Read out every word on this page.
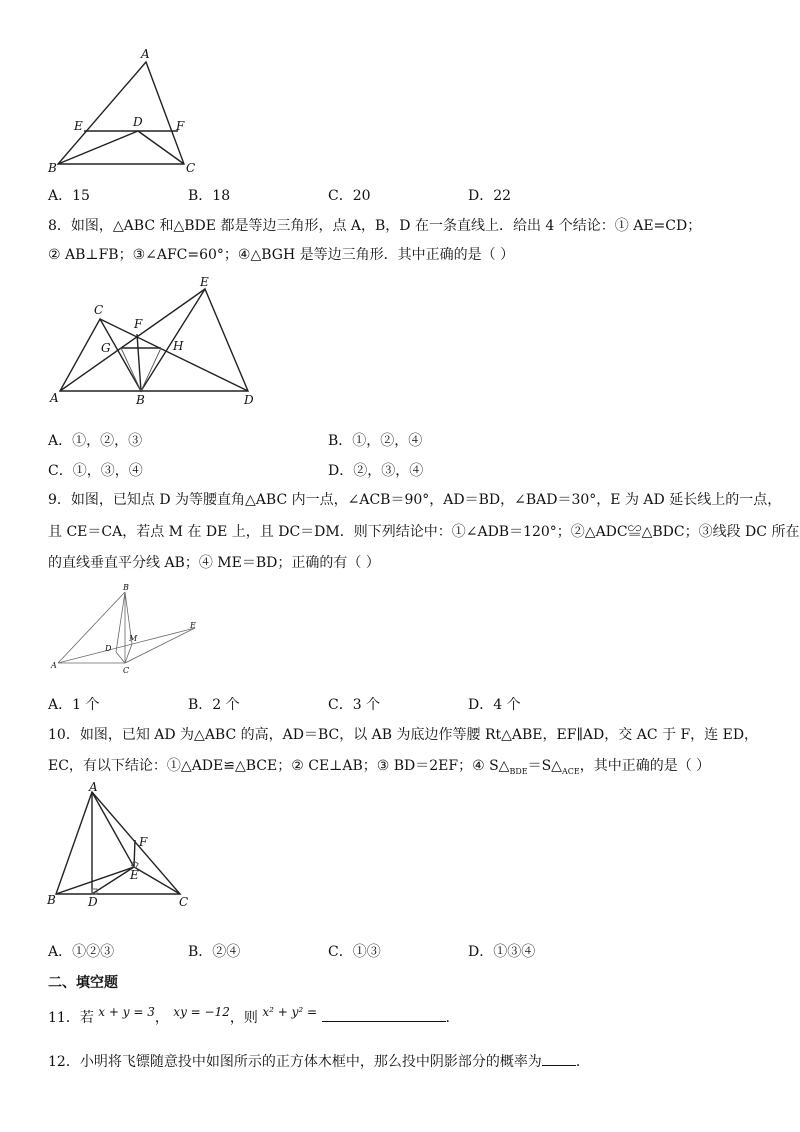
A
E	D	F
B	C
A．15	B．18	C．20	D．22
8．如图，△ABC 和△BDE 都是等边三角形，点 A，B，D 在一条直线上．给出 4 个结论：① AE=CD；
② AB⊥FB；③∠AFC=60°；④△BGH 是等边三角形．其中正确的是（ ）
C
F
E
G	H
A	B	D
A．①，②，③	B．①，②，④
C．①，③，④	D．②，③，④
9．如图，已知点 D 为等腰直角△ABC 内一点，∠ACB＝90°，AD＝BD，∠BAD＝30°，E 为 AD 延长线上的一点，
且 CE＝CA，若点 M 在 DE 上，且 DC＝DM．则下列结论中：①∠ADB＝120°；②△ADC≌△BDC；③线段 DC 所在
的直线垂直平分线 AB；④ ME＝BD；正确的有（ ）
B
M
E
D
A
C
A．1 个	B．2 个	C．3 个	D．4 个
10．如图，已知 AD 为△ABC 的高，AD＝BC，以 AB 为底边作等腰 Rt△ABE，EF∥AD，交 AC 于 F，连 ED，
EC，有以下结论：①△ADE≌△BCE；② CE⊥AB；③ BD＝2EF；④ $S\triangle_{BDE}=S\triangle_{ACE}$，其中正确的是（ ）
A
F
E
B	D	C
A．①②③	B．②④	C．①③	D．①③④
二、填空题
11．若 x + y = 3， xy = −12，则 x² + y² =	.
12．小明将飞镖随意投中如图所示的正方体木框中，那么投中阴影部分的概率为 ．
